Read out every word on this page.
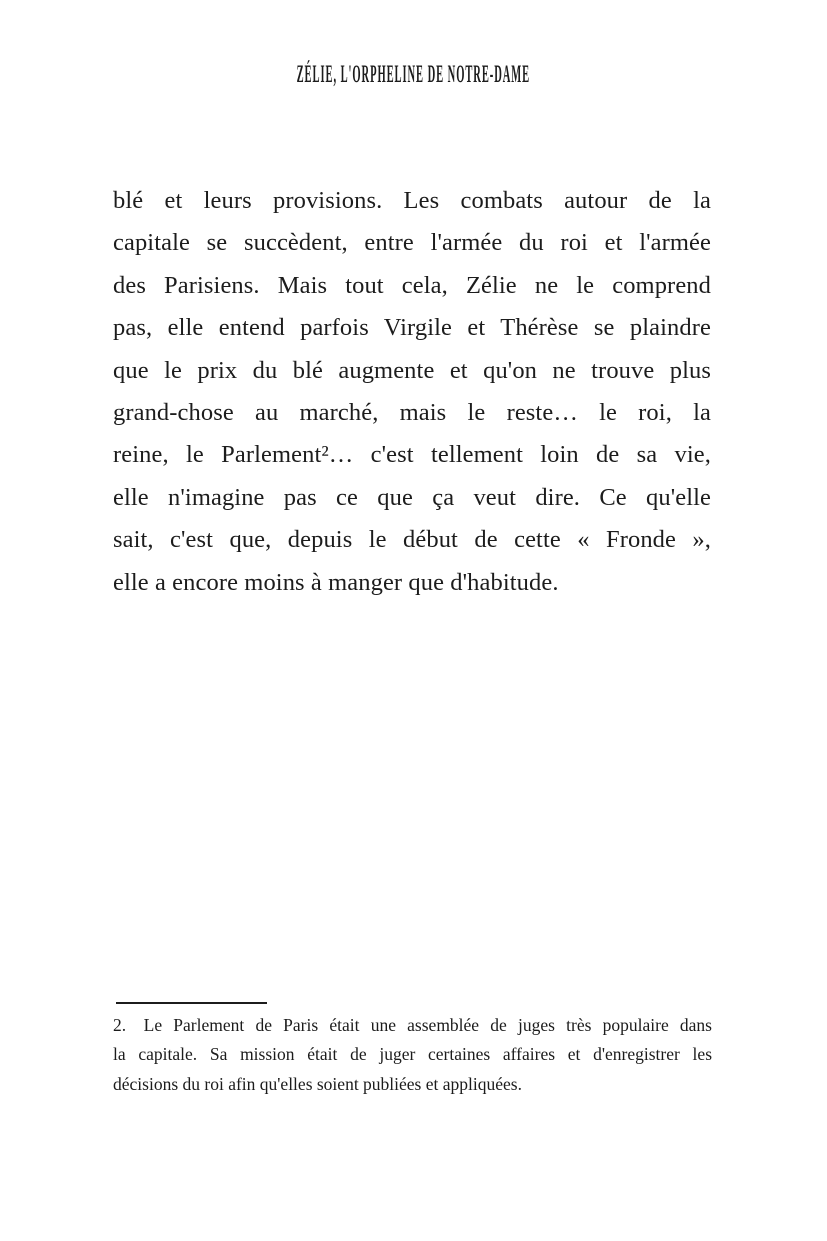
ZÉLIE, L'ORPHELINE DE NOTRE-DAME
blé et leurs provisions. Les combats autour de la
capitale se succèdent, entre l'armée du roi et l'armée
des Parisiens. Mais tout cela, Zélie ne le comprend
pas, elle entend parfois Virgile et Thérèse se plaindre
que le prix du blé augmente et qu'on ne trouve plus
grand-chose au marché, mais le reste… le roi, la
reine, le Parlement²… c'est tellement loin de sa vie,
elle n'imagine pas ce que ça veut dire. Ce qu'elle
sait, c'est que, depuis le début de cette « Fronde »,
elle a encore moins à manger que d'habitude.
2.  Le Parlement de Paris était une assemblée de juges très populaire dans
la capitale. Sa mission était de juger certaines affaires et d'enregistrer les
décisions du roi afin qu'elles soient publiées et appliquées.
